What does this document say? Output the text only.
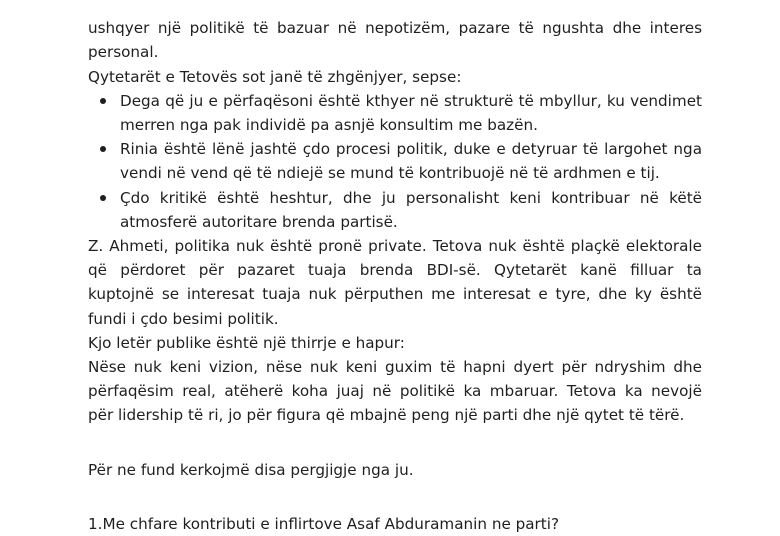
ushqyer një politikë të bazuar në nepotizëm, pazare të ngushta dhe interes
personal.
Qytetarët e Tetovës sot janë të zhgënjyer, sepse:
Dega që ju e përfaqësoni është kthyer në strukturë të mbyllur, ku vendimet
merren nga pak individë pa asnjë konsultim me bazën.
Rinia është lënë jashtë çdo procesi politik, duke e detyruar të largohet nga
vendi në vend që të ndiejë se mund të kontribuojë në të ardhmen e tij.
Çdo kritikë është heshtur, dhe ju personalisht keni kontribuar në këtë
atmosferë autoritare brenda partisë.
Z. Ahmeti, politika nuk është pronë private. Tetova nuk është plaçkë elektorale
që përdoret për pazaret tuaja brenda BDI-së. Qytetarët kanë filluar ta
kuptojnë se interesat tuaja nuk përputhen me interesat e tyre, dhe ky është
fundi i çdo besimi politik.
Kjo letër publike është një thirrje e hapur:
Nëse nuk keni vizion, nëse nuk keni guxim të hapni dyert për ndryshim dhe
përfaqësim real, atëherë koha juaj në politikë ka mbaruar. Tetova ka nevojë
për lidership të ri, jo për figura që mbajnë peng një parti dhe një qytet të tërë.
Për ne fund kerkojmë disa pergjigje nga ju.
1.Me chfare kontributi e inflirtove Asaf Abduramanin ne parti?
